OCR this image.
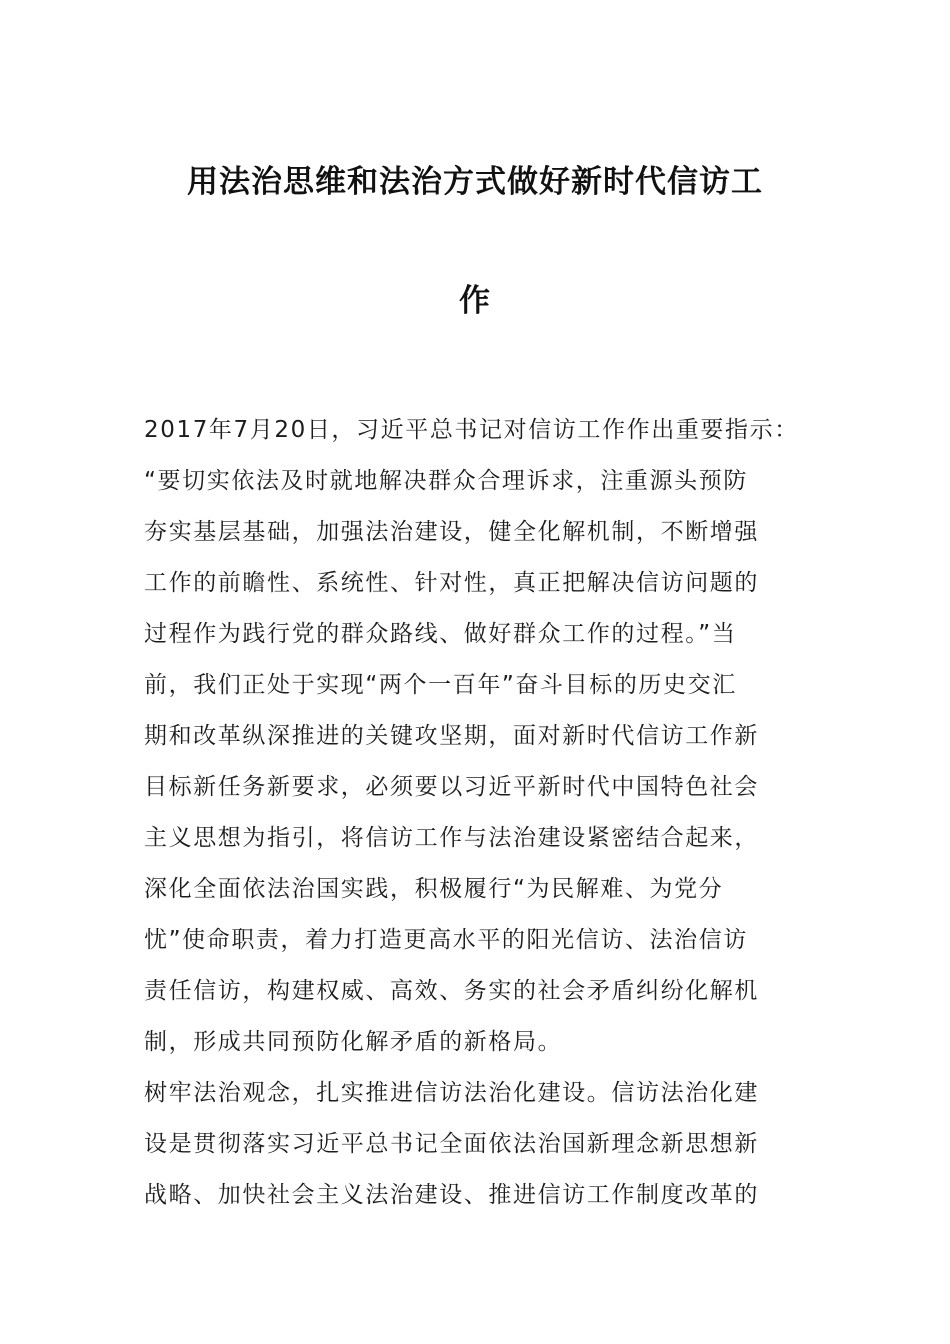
用法治思维和法治方式做好新时代信访工
作
2017年7月20日，习近平总书记对信访工作作出重要指示：
“要切实依法及时就地解决群众合理诉求，注重源头预防
夯实基层基础，加强法治建设，健全化解机制，不断增强
工作的前瞻性、系统性、针对性，真正把解决信访问题的
过程作为践行党的群众路线、做好群众工作的过程。”当
前，我们正处于实现“两个一百年”奋斗目标的历史交汇
期和改革纵深推进的关键攻坚期，面对新时代信访工作新
目标新任务新要求，必须要以习近平新时代中国特色社会
主义思想为指引，将信访工作与法治建设紧密结合起来，
深化全面依法治国实践，积极履行“为民解难、为党分
忧”使命职责，着力打造更高水平的阳光信访、法治信访
责任信访，构建权威、高效、务实的社会矛盾纠纷化解机
制，形成共同预防化解矛盾的新格局。
树牢法治观念，扎实推进信访法治化建设。信访法治化建
设是贯彻落实习近平总书记全面依法治国新理念新思想新
战略、加快社会主义法治建设、推进信访工作制度改革的
